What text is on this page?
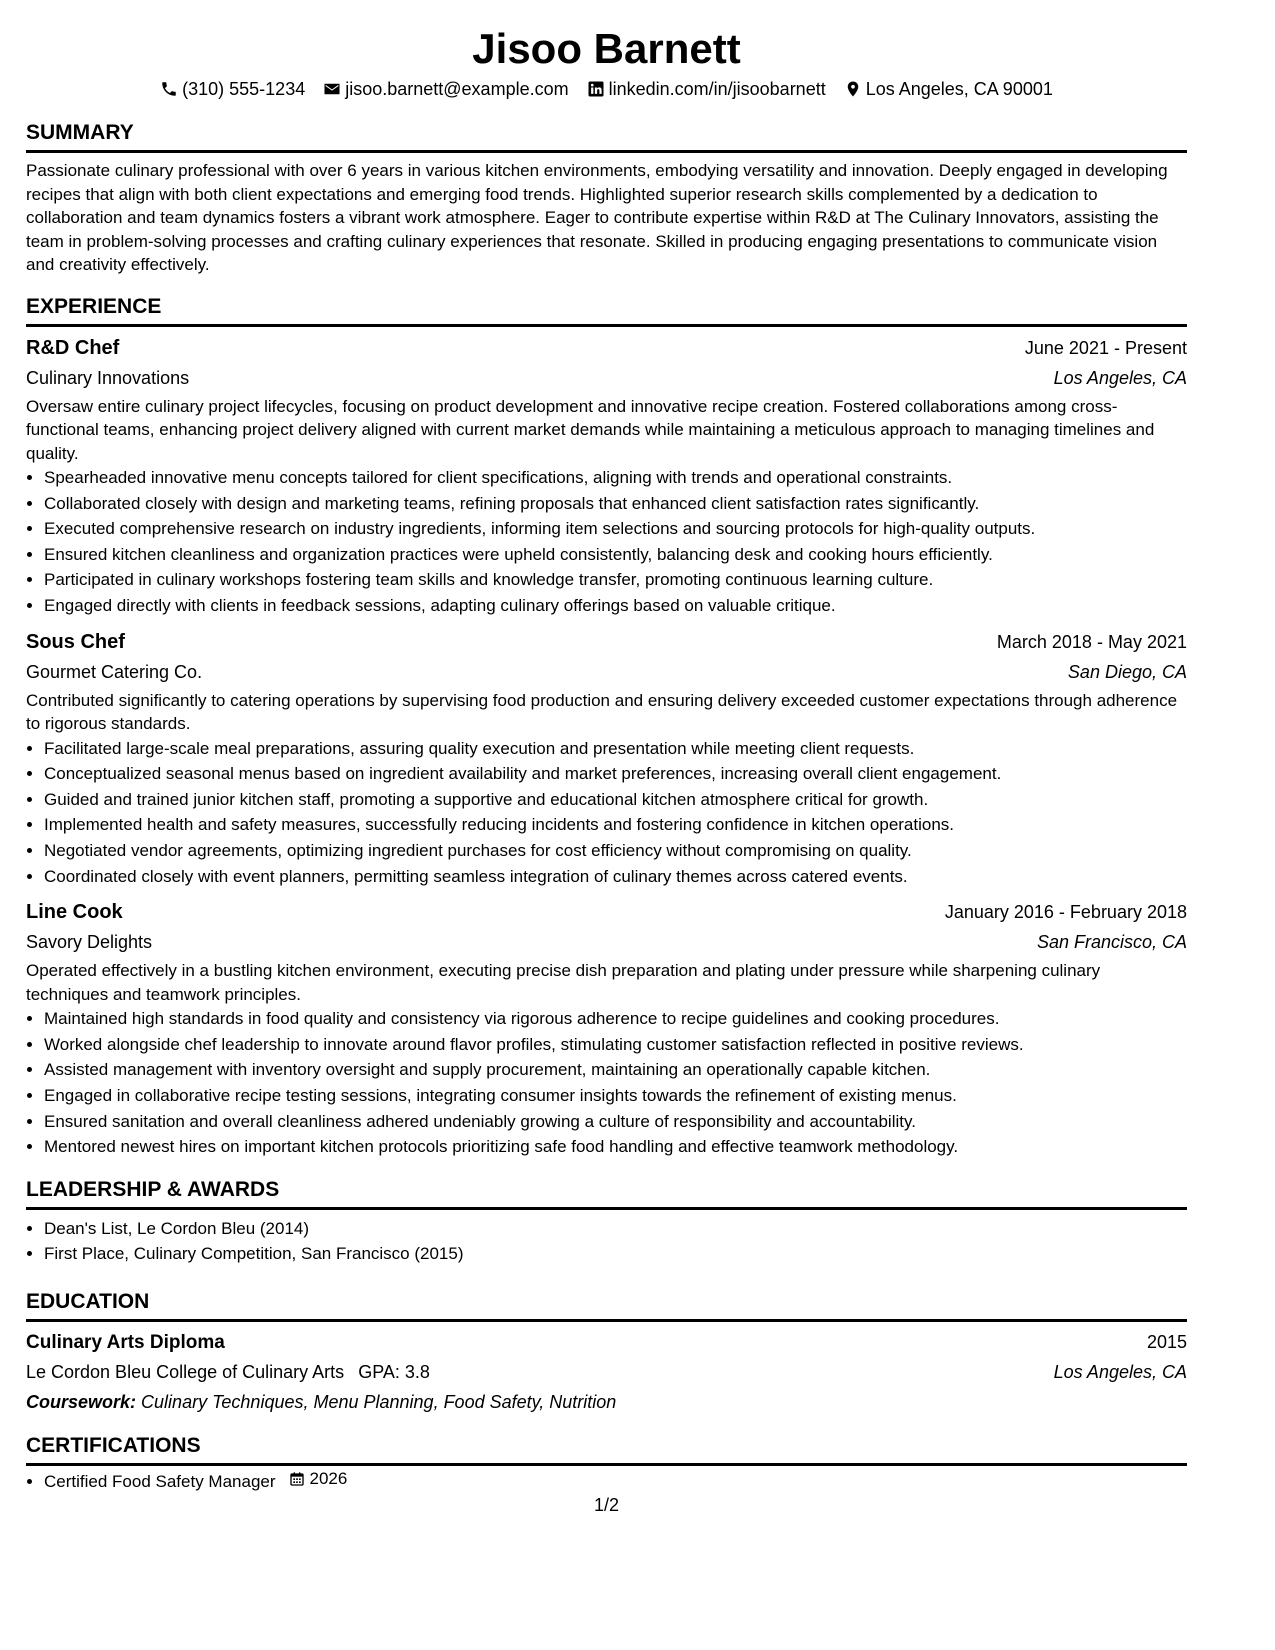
Jisoo Barnett
(310) 555-1234 jisoo.barnett@example.com linkedin.com/in/jisoobarnett Los Angeles, CA 90001
SUMMARY

Passionate culinary professional with over 6 years in various kitchen environments, embodying versatility and innovation. Deeply engaged in developing recipes that align with both client expectations and emerging food trends. Highlighted superior research skills complemented by a dedication to collaboration and team dynamics fosters a vibrant work atmosphere. Eager to contribute expertise within R&D at The Culinary Innovators, assisting the team in problem-solving processes and crafting culinary experiences that resonate. Skilled in producing engaging presentations to communicate vision and creativity effectively.

EXPERIENCE
R&D Chef	June 2021 - Present
Culinary Innovations	Los Angeles, CA

Oversaw entire culinary project lifecycles, focusing on product development and innovative recipe creation. Fostered collaborations among cross-functional teams, enhancing project delivery aligned with current market demands while maintaining a meticulous approach to managing timelines and quality.

• Spearheaded innovative menu concepts tailored for client specifications, aligning with trends and operational constraints.
• Collaborated closely with design and marketing teams, refining proposals that enhanced client satisfaction rates significantly.
• Executed comprehensive research on industry ingredients, informing item selections and sourcing protocols for high-quality outputs.
• Ensured kitchen cleanliness and organization practices were upheld consistently, balancing desk and cooking hours efficiently.
• Participated in culinary workshops fostering team skills and knowledge transfer, promoting continuous learning culture.
• Engaged directly with clients in feedback sessions, adapting culinary offerings based on valuable critique.
Sous Chef	March 2018 - May 2021
Gourmet Catering Co.	San Diego, CA

Contributed significantly to catering operations by supervising food production and ensuring delivery exceeded customer expectations through adherence to rigorous standards.

• Facilitated large-scale meal preparations, assuring quality execution and presentation while meeting client requests.
• Conceptualized seasonal menus based on ingredient availability and market preferences, increasing overall client engagement.
• Guided and trained junior kitchen staff, promoting a supportive and educational kitchen atmosphere critical for growth.
• Implemented health and safety measures, successfully reducing incidents and fostering confidence in kitchen operations.
• Negotiated vendor agreements, optimizing ingredient purchases for cost efficiency without compromising on quality.
• Coordinated closely with event planners, permitting seamless integration of culinary themes across catered events.
Line Cook	January 2016 - February 2018
Savory Delights	San Francisco, CA

Operated effectively in a bustling kitchen environment, executing precise dish preparation and plating under pressure while sharpening culinary techniques and teamwork principles.

• Maintained high standards in food quality and consistency via rigorous adherence to recipe guidelines and cooking procedures.
• Worked alongside chef leadership to innovate around flavor profiles, stimulating customer satisfaction reflected in positive reviews.
• Assisted management with inventory oversight and supply procurement, maintaining an operationally capable kitchen.
• Engaged in collaborative recipe testing sessions, integrating consumer insights towards the refinement of existing menus.
• Ensured sanitation and overall cleanliness adhered undeniably growing a culture of responsibility and accountability.
• Mentored newest hires on important kitchen protocols prioritizing safe food handling and effective teamwork methodology.
LEADERSHIP & AWARDS
• Dean's List, Le Cordon Bleu (2014)
• First Place, Culinary Competition, San Francisco (2015)
EDUCATION
Culinary Arts Diploma	2015
Le Cordon Bleu College of Culinary Arts GPA: 3.8	Los Angeles, CA
Coursework: Culinary Techniques, Menu Planning, Food Safety, Nutrition
CERTIFICATIONS
• Certified Food Safety Manager 2026
1/2
